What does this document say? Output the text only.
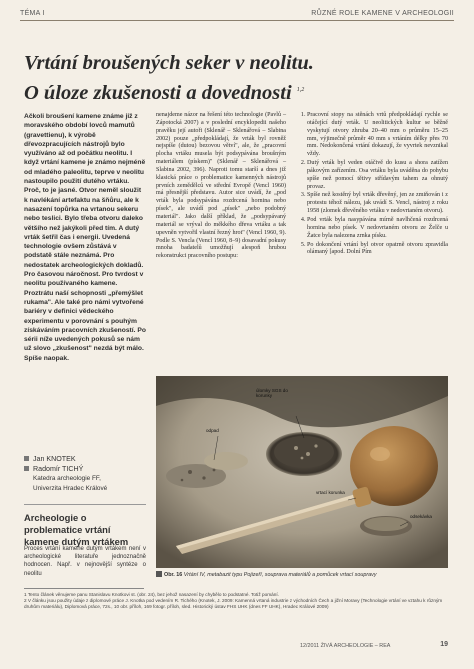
TÉMA I	RŮZNÉ ROLE KAMENE V ARCHEOLOGII
Vrtání broušených seker v neolitu.
O úloze zkušenosti a dovednosti $^{1,2}$

Ačkoli broušení kamene známe již z moravského období lovců mamutů (gravettienu), k výrobě dřevozpracujících nástrojů bylo využíváno až od počátku neolitu. I když vrtání kamene je známo nejméně od mladého paleolitu, teprve v neolitu nastoupilo použití dutého vrtáku. Proč, to je jasné. Otvor neměl sloužit k navlékání artefaktu na šňůru, ale k nasazení topůrka na vrtanou sekeru nebo teslici. Bylo třeba otvoru daleko většího než jakýkoli před tím. A dutý vrták šetřil čas i energii. Uvedená technologie ovšem zůstává v podstatě stále neznámá. Pro nedostatek archeologických dokladů. Pro časovou náročnost. Pro tvrdost v neolitu používaného kamene. Proztrátu naší schopnosti „přemýšlet rukama". Ale také pro námi vytvořené bariéry v definici vědeckého experimentu v porovnání s pouhým získáváním pracovních zkušeností. Po sérii níže uvedených pokusů se nám už slovo „zkušenost" nezdá být málo. Spíše naopak.

Jan KNOTEK
Radomír TICHÝ
Katedra archeologie FF,
Univerzita Hradec Králové
Archeologie o problematice vrtání kamene dutým vrtákem
Proces vrtání kamene dutým vrtákem není v archeologické literatuře jednoznačně hodnocen. Např. v nejnovější syntéze o neolitu

nenajdeme názor na řešení této technologie (Pavlů – Zápotocká 2007) a v poslední encyklopedii našeho pravěku její autoři (Sklenář – Sklenářová – Slabina 2002) pouze „předpokládají, že vrták byl rovněž nejspíše (dutou) bezovou větví", ale, že „pracovní plocha vrtáku musela být podsypávána broušným materiálem (pískem)" (Sklenář – Sklenářová – Slabina 2002, 396). Naproti tomu starší a dnes již klasická práce o problematice kamenných nástrojů prvních zemědělců ve střední Evropě (Vencl 1960) má přesnější představu. Autor sice uvádí, že „pod vrták byla podsypávána rozdrcená hornina nebo písek", ale uvádí pod „písek" „nebo podobný materiál". Jako další příklad, že „podsypávaný materiál se vrýval do měkkého dřeva vrtáku a tak upevněn vytvořil vlastní řezný hrot" (Vencl 1960, 9). Podle S. Vencla (Vencl 1960, 8–9) dosavadní pokusy mnoha badatelů umožňují alespoň hrubou rekonstrukci pracovního postupu:

1. Pracovní stopy na stěnách vrtů předpokládají rychle se otáčející dutý vrták. U neolitických kultur se běžně vyskytují otvory zhruba 20–40 mm o průměru 15–25 mm, výjimečně průměr 40 mm s vrtáním délky přes 70 mm. Nedokončená vrtání dokazují, že vyvrtek nevznikal vždy.
2. Dutý vrták byl veden otáčivě do kusu a shora zatížen pákovým zařízením. Osa vrtáku byla uváděna do pohybu spíše než pomocí tětivy střídavým tahem za ohnutý provaz.
3. Spíše než kostěný byl vrták dřevěný, jen ze zmiňován i z protestu téhož nálezu, jak uvádí S. Vencl, nástroj z roku 1958 (zlomek dřevěného vrtáku v nedovrtaném otvoru).
4. Pod vrták byla nasypávána mírně navlhčená rozdrcená hornina nebo písek. V nedovrtaném otvoru ze Želče u Žatce byla nalezena zrnka písku.
5. Po dokončení vrtání byl otvor opatrně otvoru zpravidla olámaný [apod. Dolní Pím
úlomky SGS do korunky
odpad
vrtací korunka
odsekávka
Obr. 16 Vrtání IV, metabazit typu Pojizeří, souprava materiálů a pomůcek vrtací soupravy

1 Tento článek věnujeme panu Stanislavu Knotkovi st. (obr. 24), bez jehož nasazení by chybělo to podstatné. Totiž pomání.

2 V článku jsou použity údaje z diplomové práce J. Knotka pod vedením R. Tichého (Knotek, J. 2009: Kamenná vrtaná industrie z východních Čech a jižní Moravy (Technologie vrtání ve vztahu k různým druhům materiálu), Diplomová práce, 72s., 10 obr. příloh, 169 fotogr. příloh, sled. Historický ústav FHS UHK (dnes FF UHK), Hradec Králové 2009)

12/2011 ŽIVÁ ARCHEOLOGIE – REA	19
